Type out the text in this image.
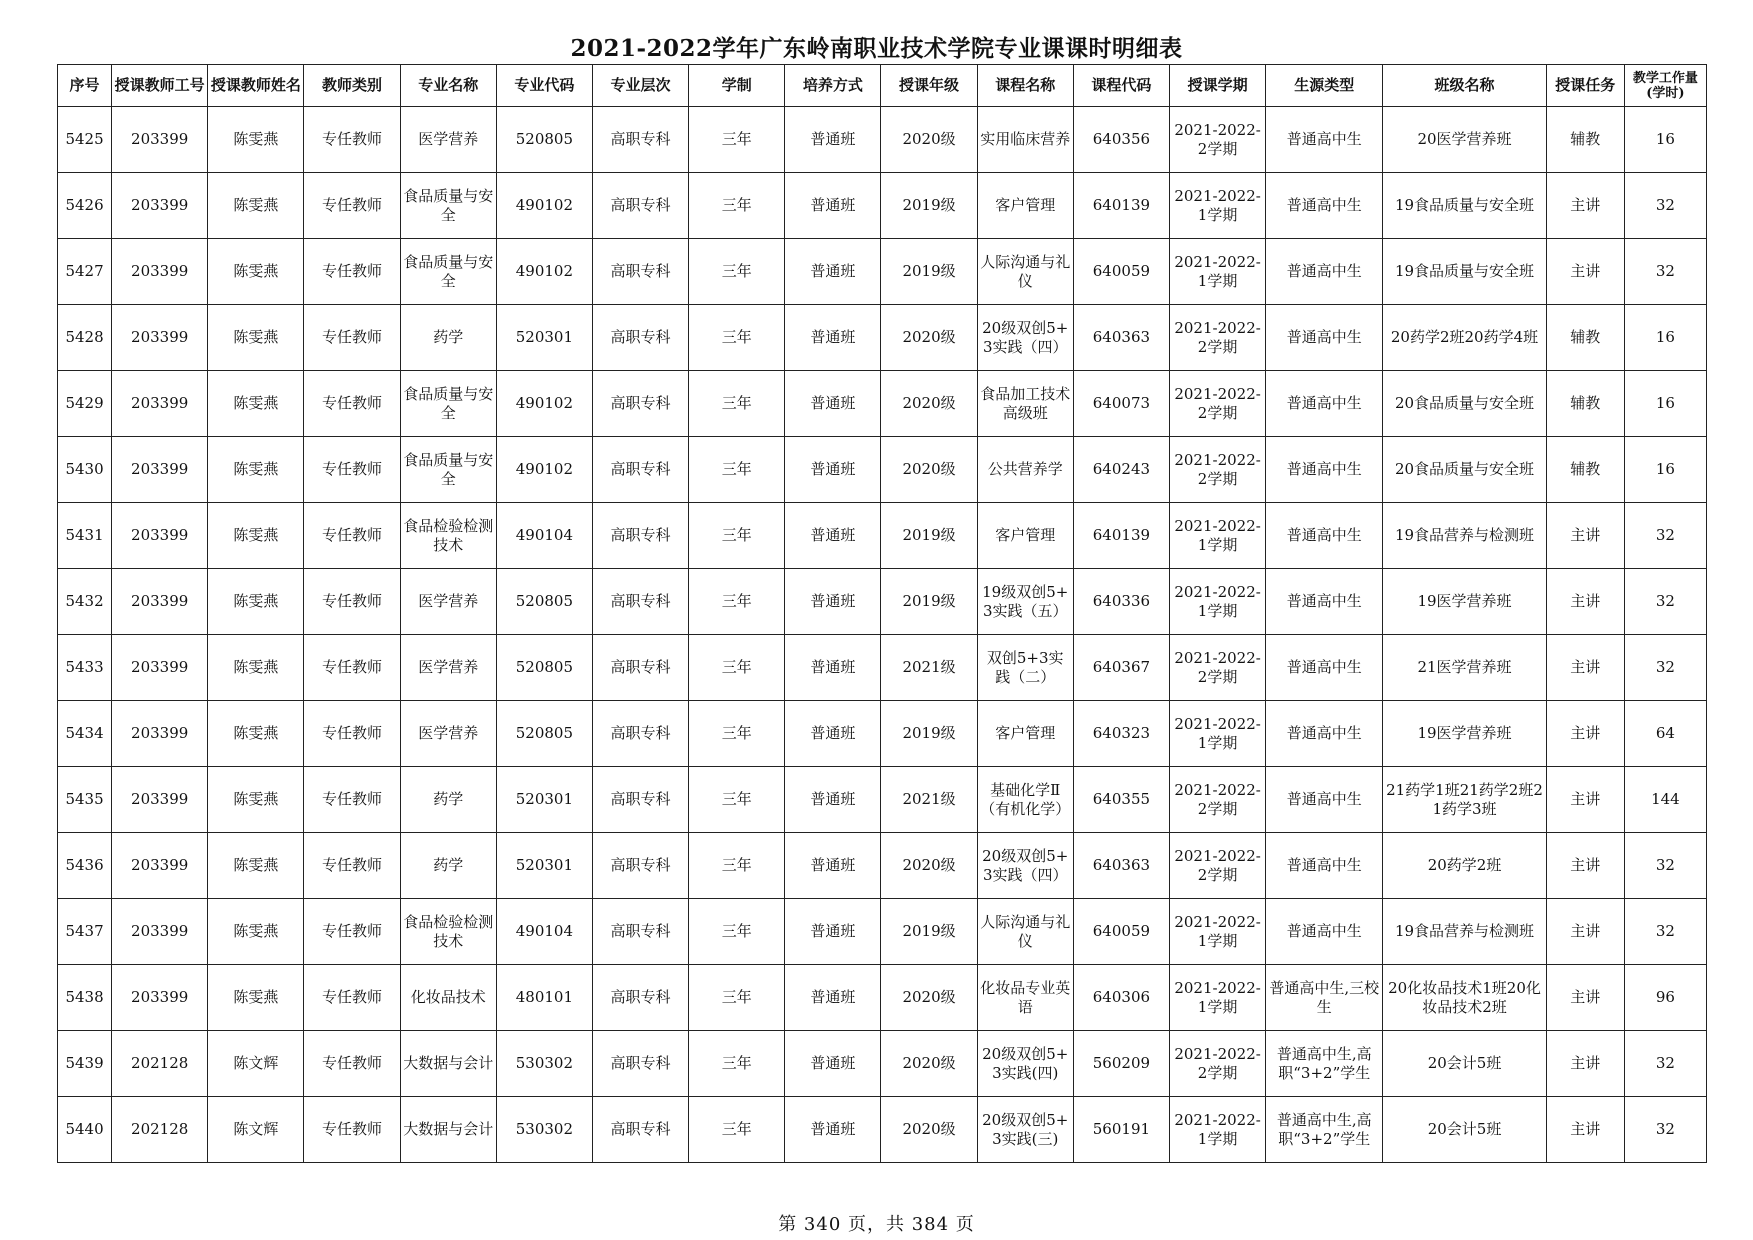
2021-2022学年广东岭南职业技术学院专业课课时明细表
序号	授课教师工号	授课教师姓名	教师类别	专业名称	专业代码	专业层次	学制	培养方式	授课年级	课程名称	课程代码	授课学期	生源类型	班级名称	授课任务	教学工作量(学时)
5425	203399	陈雯燕	专任教师	医学营养	520805	高职专科	三年	普通班	2020级	实用临床营养	640356	2021-2022-2学期	普通高中生	20医学营养班	辅教	16
5426	203399	陈雯燕	专任教师	食品质量与安全	490102	高职专科	三年	普通班	2019级	客户管理	640139	2021-2022-1学期	普通高中生	19食品质量与安全班	主讲	32
5427	203399	陈雯燕	专任教师	食品质量与安全	490102	高职专科	三年	普通班	2019级	人际沟通与礼仪	640059	2021-2022-1学期	普通高中生	19食品质量与安全班	主讲	32
5428	203399	陈雯燕	专任教师	药学	520301	高职专科	三年	普通班	2020级	20级双创5+3实践（四）	640363	2021-2022-2学期	普通高中生	20药学2班20药学4班	辅教	16
5429	203399	陈雯燕	专任教师	食品质量与安全	490102	高职专科	三年	普通班	2020级	食品加工技术高级班	640073	2021-2022-2学期	普通高中生	20食品质量与安全班	辅教	16
5430	203399	陈雯燕	专任教师	食品质量与安全	490102	高职专科	三年	普通班	2020级	公共营养学	640243	2021-2022-2学期	普通高中生	20食品质量与安全班	辅教	16
5431	203399	陈雯燕	专任教师	食品检验检测技术	490104	高职专科	三年	普通班	2019级	客户管理	640139	2021-2022-1学期	普通高中生	19食品营养与检测班	主讲	32
5432	203399	陈雯燕	专任教师	医学营养	520805	高职专科	三年	普通班	2019级	19级双创5+3实践（五）	640336	2021-2022-1学期	普通高中生	19医学营养班	主讲	32
5433	203399	陈雯燕	专任教师	医学营养	520805	高职专科	三年	普通班	2021级	双创5+3实践（二）	640367	2021-2022-2学期	普通高中生	21医学营养班	主讲	32
5434	203399	陈雯燕	专任教师	医学营养	520805	高职专科	三年	普通班	2019级	客户管理	640323	2021-2022-1学期	普通高中生	19医学营养班	主讲	64
5435	203399	陈雯燕	专任教师	药学	520301	高职专科	三年	普通班	2021级	基础化学Ⅱ（有机化学）	640355	2021-2022-2学期	普通高中生	21药学1班21药学2班21药学3班	主讲	144
5436	203399	陈雯燕	专任教师	药学	520301	高职专科	三年	普通班	2020级	20级双创5+3实践（四）	640363	2021-2022-2学期	普通高中生	20药学2班	主讲	32
5437	203399	陈雯燕	专任教师	食品检验检测技术	490104	高职专科	三年	普通班	2019级	人际沟通与礼仪	640059	2021-2022-1学期	普通高中生	19食品营养与检测班	主讲	32
5438	203399	陈雯燕	专任教师	化妆品技术	480101	高职专科	三年	普通班	2020级	化妆品专业英语	640306	2021-2022-1学期	普通高中生,三校生	20化妆品技术1班20化妆品技术2班	主讲	96
5439	202128	陈文辉	专任教师	大数据与会计	530302	高职专科	三年	普通班	2020级	20级双创5+3实践(四)	560209	2021-2022-2学期	普通高中生,高职“3+2”学生	20会计5班	主讲	32
5440	202128	陈文辉	专任教师	大数据与会计	530302	高职专科	三年	普通班	2020级	20级双创5+3实践(三)	560191	2021-2022-1学期	普通高中生,高职“3+2”学生	20会计5班	主讲	32
第 340 页，共 384 页
